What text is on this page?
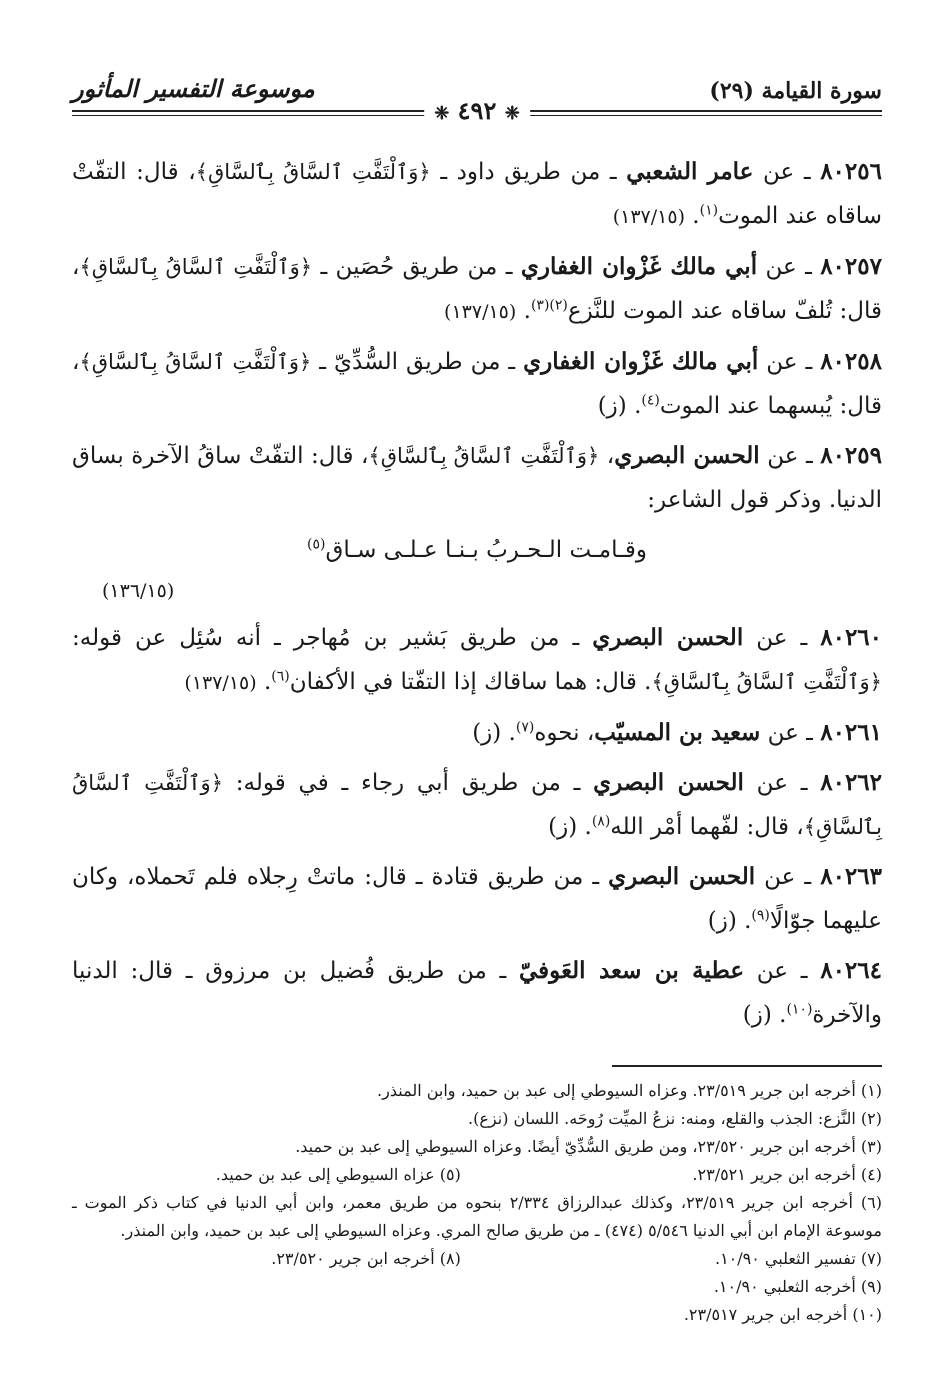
سورة القيامة (٢٩)
❈ ٤٩٢ ❈
موسوعة التفسير المأثور
٨٠٢٥٦ ـ عن عامر الشعبي ـ من طريق داود ـ ﴿وَٱلْتَفَّتِ ٱلسَّاقُ بِٱلسَّاقِ﴾، قال: التفّتْ ساقاه عند الموت$^{(١)}$. (١٣٧/١٥)
٨٠٢٥٧ ـ عن أبي مالك غَزْوان الغفاري ـ من طريق حُصَين ـ ﴿وَٱلْتَفَّتِ ٱلسَّاقُ بِٱلسَّاقِ﴾، قال: تُلفّ ساقاه عند الموت للنَّزع$^{(٢)(٣)}$. (١٣٧/١٥)
٨٠٢٥٨ ـ عن أبي مالك غَزْوان الغفاري ـ من طريق السُّدِّيّ ـ ﴿وَٱلْتَفَّتِ ٱلسَّاقُ بِٱلسَّاقِ﴾، قال: يُبسهما عند الموت$^{(٤)}$. (ز)
٨٠٢٥٩ ـ عن الحسن البصري، ﴿وَٱلْتَفَّتِ ٱلسَّاقُ بِٱلسَّاقِ﴾، قال: التفّتْ ساقُ الآخرة بساق الدنيا. وذكر قول الشاعر:
وقـامـت الـحـربُ بـنـا عـلـى سـاق$^{(٥)}$
(١٣٦/١٥)
٨٠٢٦٠ ـ عن الحسن البصري ـ من طريق بَشير بن مُهاجر ـ أنه سُئِل عن قوله: ﴿وَٱلْتَفَّتِ ٱلسَّاقُ بِٱلسَّاقِ﴾. قال: هما ساقاك إذا التفّتا في الأكفان$^{(٦)}$. (١٣٧/١٥)
٨٠٢٦١ ـ عن سعيد بن المسيّب، نحوه$^{(٧)}$. (ز)
٨٠٢٦٢ ـ عن الحسن البصري ـ من طريق أبي رجاء ـ في قوله: ﴿وَٱلْتَفَّتِ ٱلسَّاقُ بِٱلسَّاقِ﴾، قال: لفّهما أمْر الله$^{(٨)}$. (ز)
٨٠٢٦٣ ـ عن الحسن البصري ـ من طريق قتادة ـ قال: ماتتْ رِجلاه فلم تَحملاه، وكان عليهما جوّالًا$^{(٩)}$. (ز)
٨٠٢٦٤ ـ عن عطية بن سعد العَوفيّ ـ من طريق فُضيل بن مرزوق ـ قال: الدنيا والآخرة$^{(١٠)}$. (ز)
(١) أخرجه ابن جرير ٢٣/٥١٩. وعزاه السيوطي إلى عبد بن حميد، وابن المنذر.
(٢) النَّزع: الجذب والقلع، ومنه: نزعُ الميِّت رُوحَه. اللسان (نزع).
(٣) أخرجه ابن جرير ٢٣/٥٢٠، ومن طريق السُّدِّيّ أيضًا. وعزاه السيوطي إلى عبد بن حميد.
(٤) أخرجه ابن جرير ٢٣/٥٢١.
(٥) عزاه السيوطي إلى عبد بن حميد.
(٦) أخرجه ابن جرير ٢٣/٥١٩، وكذلك عبدالرزاق ٢/٣٣٤ بنحوه من طريق معمر، وابن أبي الدنيا في كتاب ذكر الموت ـ موسوعة الإمام ابن أبي الدنيا ٥/٥٤٦ (٤٧٤) ـ من طريق صالح المري. وعزاه السيوطي إلى عبد بن حميد، وابن المنذر.
(٧) تفسير الثعلبي ١٠/٩٠.
(٨) أخرجه ابن جرير ٢٣/٥٢٠.
(٩) أخرجه الثعلبي ١٠/٩٠.
(١٠) أخرجه ابن جرير ٢٣/٥١٧.
